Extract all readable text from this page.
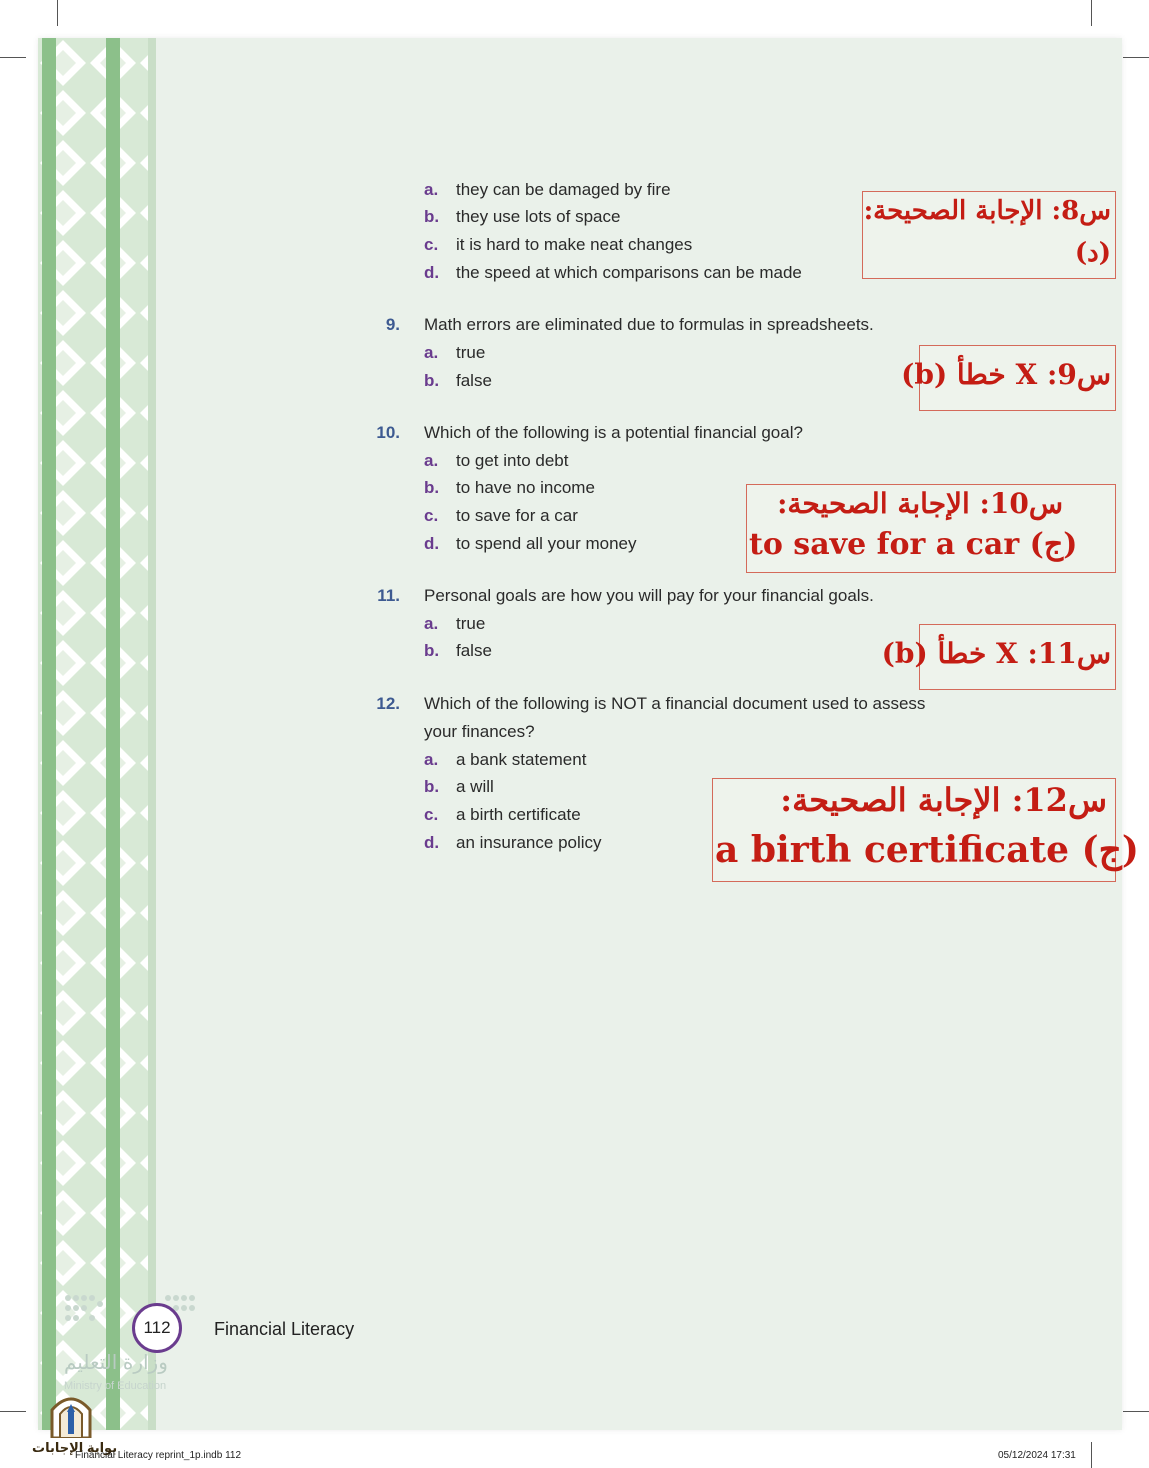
a. they can be damaged by fire
b. they use lots of space
c. it is hard to make neat changes
d. the speed at which comparisons can be made
9. Math errors are eliminated due to formulas in spreadsheets.
a. true
b. false
10. Which of the following is a potential financial goal?
a. to get into debt
b. to have no income
c. to save for a car
d. to spend all your money
11. Personal goals are how you will pay for your financial goals.
a. true
b. false
12. Which of the following is NOT a financial document used to assess
your finances?
a. a bank statement
b. a will
c. a birth certificate
d. an insurance policy
س8: الإجابة الصحيحة:
(د)
س9: X خطأ (b)
س10: الإجابة الصحيحة:
to save for a car (ج)
س11: X خطأ (b)
س12: الإجابة الصحيحة:
a birth certificate (ج)
112	Financial Literacy
وزارة التعليم
Ministry of Education
بوابة الإجابات
Financial Literacy reprint_1p.indb 112	05/12/2024 17:31
